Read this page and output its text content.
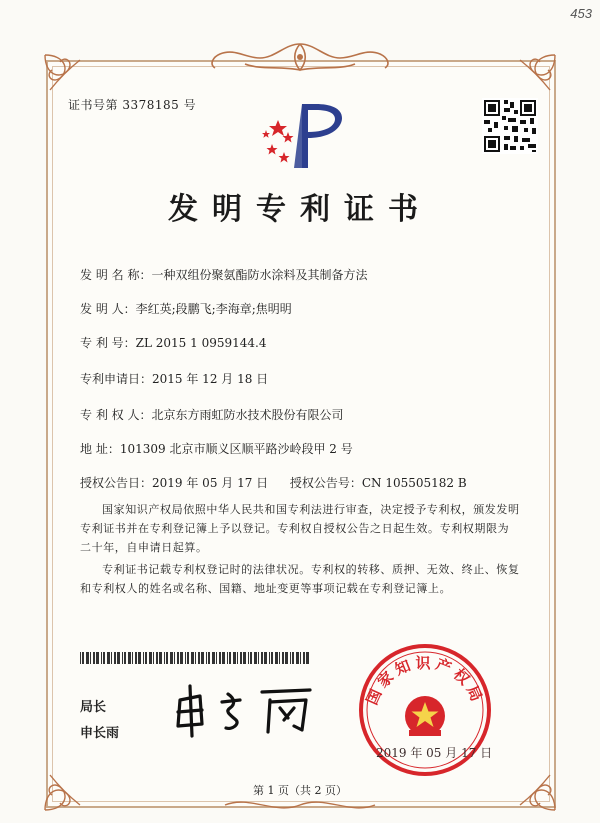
453
证书号第 3378185 号
发明专利证书
发 明 名 称：一种双组份聚氨酯防水涂料及其制备方法
发 明 人：李红英;段鹏飞;李海章;焦明明
专 利 号：ZL 2015 1 0959144.4
专利申请日：2015 年 12 月 18 日
专 利 权 人：北京东方雨虹防水技术股份有限公司
地 址：101309 北京市顺义区顺平路沙岭段甲 2 号
授权公告日：2019 年 05 月 17 日 授权公告号：CN 105505182 B
国家知识产权局依照中华人民共和国专利法进行审查，决定授予专利权，颁发发明专利证书并在专利登记簿上予以登记。专利权自授权公告之日起生效。专利权期限为二十年，自申请日起算。
专利证书记载专利权登记时的法律状况。专利权的转移、质押、无效、终止、恢复和专利权人的姓名或名称、国籍、地址变更等事项记载在专利登记簿上。
局长
申长雨
国家知识产权局
2019 年 05 月 17 日
第 1 页（共 2 页）
